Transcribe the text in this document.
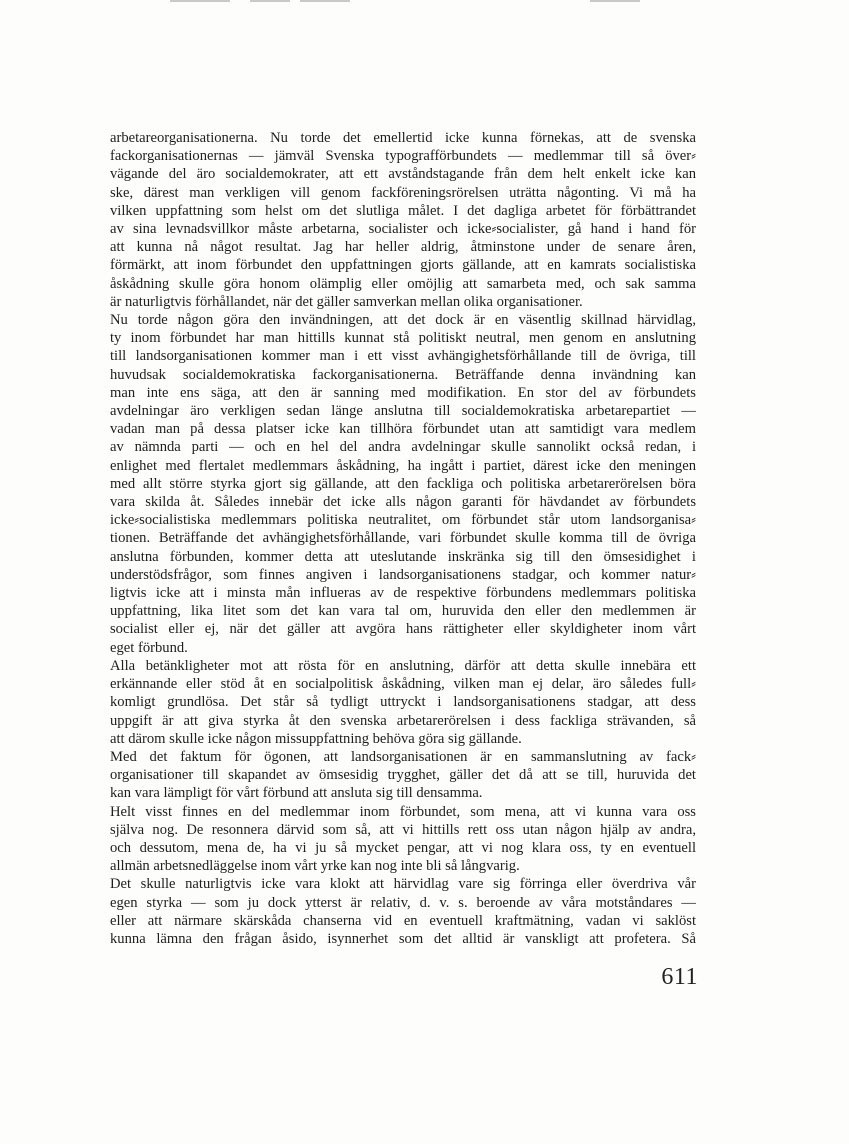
arbetareorganisationerna. Nu torde det emellertid icke kunna förnekas, att de svenska
fackorganisationernas — jämväl Svenska typografförbundets — medlemmar till så över⸗
vägande del äro socialdemokrater, att ett avståndstagande från dem helt enkelt icke kan
ske, därest man verkligen vill genom fackföreningsrörelsen uträtta någonting. Vi må ha
vilken uppfattning som helst om det slutliga målet. I det dagliga arbetet för förbättrandet
av sina levnadsvillkor måste arbetarna, socialister och icke⸗socialister, gå hand i hand för
att kunna nå något resultat. Jag har heller aldrig, åtminstone under de senare åren,
förmärkt, att inom förbundet den uppfattningen gjorts gällande, att en kamrats socialistiska
åskådning skulle göra honom olämplig eller omöjlig att samarbeta med, och sak samma
är naturligtvis förhållandet, när det gäller samverkan mellan olika organisationer.

Nu torde någon göra den invändningen, att det dock är en väsentlig skillnad härvidlag,
ty inom förbundet har man hittills kunnat stå politiskt neutral, men genom en anslutning
till landsorganisationen kommer man i ett visst avhängighetsförhållande till de övriga, till
huvudsak socialdemokratiska fackorganisationerna. Beträffande denna invändning kan
man inte ens säga, att den är sanning med modifikation. En stor del av förbundets
avdelningar äro verkligen sedan länge anslutna till socialdemokratiska arbetarepartiet —
vadan man på dessa platser icke kan tillhöra förbundet utan att samtidigt vara medlem
av nämnda parti — och en hel del andra avdelningar skulle sannolikt också redan, i
enlighet med flertalet medlemmars åskådning, ha ingått i partiet, därest icke den meningen
med allt större styrka gjort sig gällande, att den fackliga och politiska arbetarerörelsen böra
vara skilda åt. Således innebär det icke alls någon garanti för hävdandet av förbundets
icke⸗socialistiska medlemmars politiska neutralitet, om förbundet står utom landsorganisa⸗
tionen. Beträffande det avhängighetsförhållande, vari förbundet skulle komma till de övriga
anslutna förbunden, kommer detta att uteslutande inskränka sig till den ömsesidighet i
understödsfrågor, som finnes angiven i landsorganisationens stadgar, och kommer natur⸗
ligtvis icke att i minsta mån influeras av de respektive förbundens medlemmars politiska
uppfattning, lika litet som det kan vara tal om, huruvida den eller den medlemmen är
socialist eller ej, när det gäller att avgöra hans rättigheter eller skyldigheter inom vårt
eget förbund.

Alla betänkligheter mot att rösta för en anslutning, därför att detta skulle innebära ett
erkännande eller stöd åt en socialpolitisk åskådning, vilken man ej delar, äro således full⸗
komligt grundlösa. Det står så tydligt uttryckt i landsorganisationens stadgar, att dess
uppgift är att giva styrka åt den svenska arbetarerörelsen i dess fackliga strävanden, så
att därom skulle icke någon missuppfattning behöva göra sig gällande.

Med det faktum för ögonen, att landsorganisationen är en sammanslutning av fack⸗
organisationer till skapandet av ömsesidig trygghet, gäller det då att se till, huruvida det
kan vara lämpligt för vårt förbund att ansluta sig till densamma.

Helt visst finnes en del medlemmar inom förbundet, som mena, att vi kunna vara oss
själva nog. De resonnera därvid som så, att vi hittills rett oss utan någon hjälp av andra,
och dessutom, mena de, ha vi ju så mycket pengar, att vi nog klara oss, ty en eventuell
allmän arbetsnedläggelse inom vårt yrke kan nog inte bli så långvarig.

Det skulle naturligtvis icke vara klokt att härvidlag vare sig förringa eller överdriva vår
egen styrka — som ju dock ytterst är relativ, d. v. s. beroende av våra motståndares —
eller att närmare skärskåda chanserna vid en eventuell kraftmätning, vadan vi saklöst
kunna lämna den frågan åsido, isynnerhet som det alltid är vanskligt att profetera. Så

611
